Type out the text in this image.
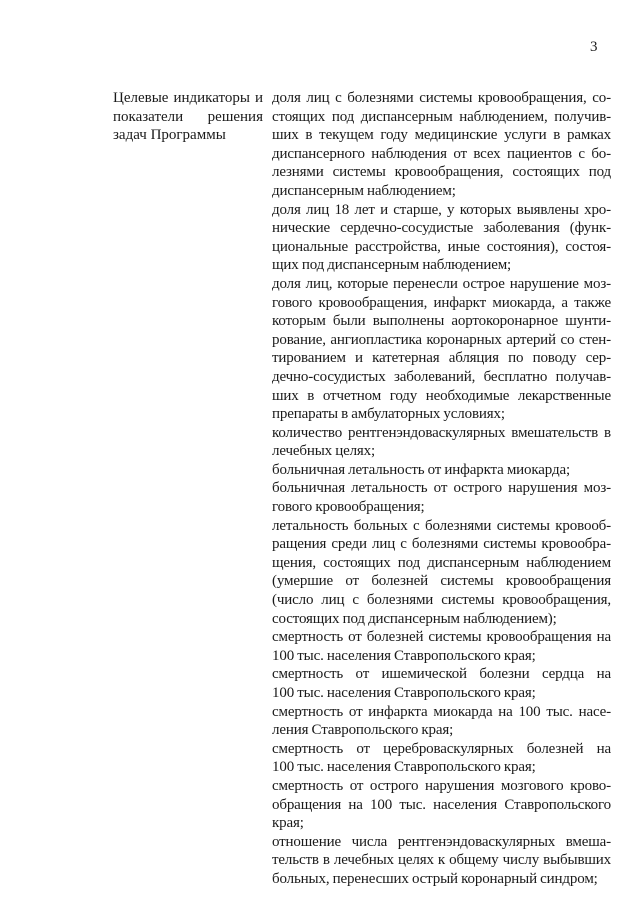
3
Целевые индикаторы и
показатели решения
задач Программы
доля лиц с болезнями системы кровообращения, со-
стоящих под диспансерным наблюдением, получив-
ших в текущем году медицинские услуги в рамках
диспансерного наблюдения от всех пациентов с бо-
лезнями системы кровообращения, состоящих под
диспансерным наблюдением;
доля лиц 18 лет и старше, у которых выявлены хро-
нические сердечно-сосудистые заболевания (функ-
циональные расстройства, иные состояния), состоя-
щих под диспансерным наблюдением;
доля лиц, которые перенесли острое нарушение моз-
гового кровообращения, инфаркт миокарда, а также
которым были выполнены аортокоронарное шунти-
рование, ангиопластика коронарных артерий со стен-
тированием и катетерная абляция по поводу сер-
дечно-сосудистых заболеваний, бесплатно получав-
ших в отчетном году необходимые лекарственные
препараты в амбулаторных условиях;
количество рентгенэндоваскулярных вмешательств в
лечебных целях;
больничная летальность от инфаркта миокарда;
больничная летальность от острого нарушения моз-
гового кровообращения;
летальность больных с болезнями системы кровооб-
ращения среди лиц с болезнями системы кровообра-
щения, состоящих под диспансерным наблюдением
(умершие от болезней системы кровообращения
(число лиц с болезнями системы кровообращения,
состоящих под диспансерным наблюдением);
смертность от болезней системы кровообращения на
100 тыс. населения Ставропольского края;
смертность от ишемической болезни сердца на
100 тыс. населения Ставропольского края;
смертность от инфаркта миокарда на 100 тыс. насе-
ления Ставропольского края;
смертность от цереброваскулярных болезней на
100 тыс. населения Ставропольского края;
смертность от острого нарушения мозгового крово-
обращения на 100 тыс. населения Ставропольского
края;
отношение числа рентгенэндоваскулярных вмеша-
тельств в лечебных целях к общему числу выбывших
больных, перенесших острый коронарный синдром;
